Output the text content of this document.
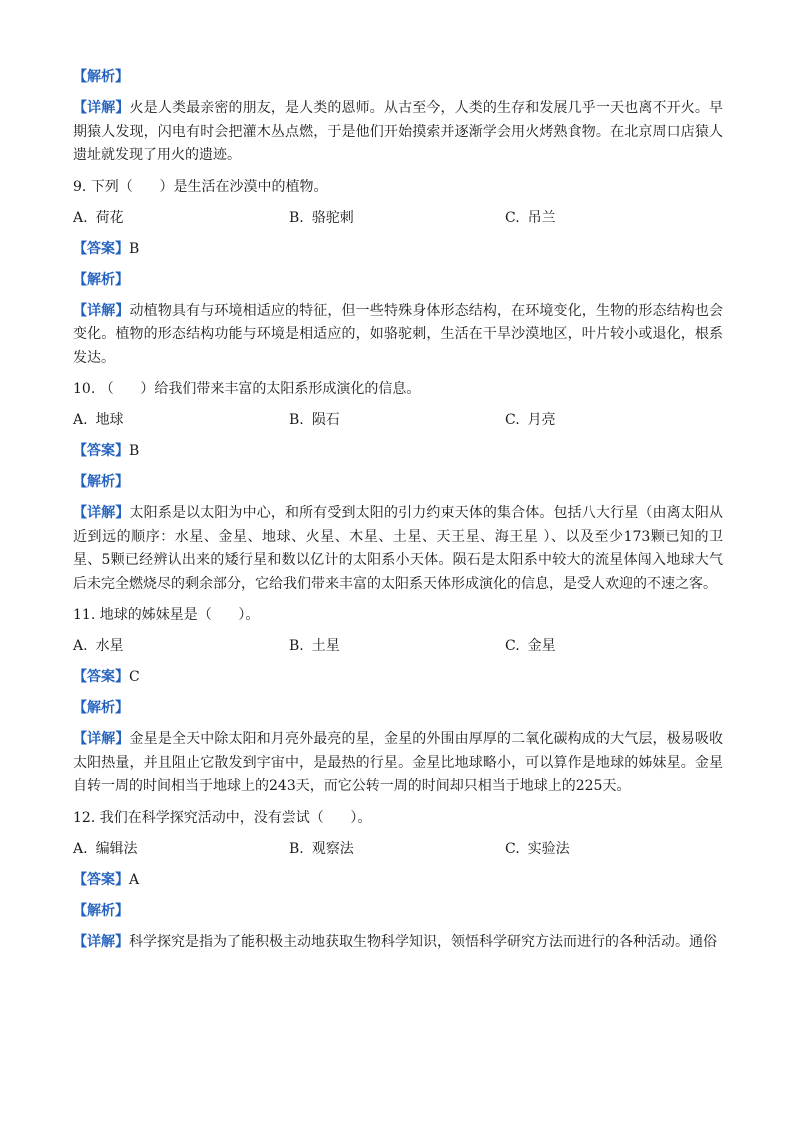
【解析】
【详解】火是人类最亲密的朋友，是人类的恩师。从古至今，人类的生存和发展几乎一天也离不开火。早期猿人发现，闪电有时会把灌木丛点燃，于是他们开始摸索并逐渐学会用火烤熟食物。在北京周口店猿人遗址就发现了用火的遗迹。
9. 下列（      ）是生活在沙漠中的植物。
A. 荷花	B. 骆驼刺	C. 吊兰
【答案】B
【解析】
【详解】动植物具有与环境相适应的特征，但一些特殊身体形态结构，在环境变化，生物的形态结构也会变化。植物的形态结构功能与环境是相适应的，如骆驼刺，生活在干旱沙漠地区，叶片较小或退化，根系发达。
10. （      ）给我们带来丰富的太阳系形成演化的信息。
A. 地球	B. 陨石	C. 月亮
【答案】B
【解析】
【详解】太阳系是以太阳为中心，和所有受到太阳的引力约束天体的集合体。包括八大行星（由离太阳从近到远的顺序：水星、金星、地球、火星、木星、土星、天王星、海王星 ）、以及至少173颗已知的卫星、5颗已经辨认出来的矮行星和数以亿计的太阳系小天体。陨石是太阳系中较大的流星体闯入地球大气后未完全燃烧尽的剩余部分，它给我们带来丰富的太阳系天体形成演化的信息，是受人欢迎的不速之客。
11. 地球的姊妹星是（      ）。
A. 水星	B. 土星	C. 金星
【答案】C
【解析】
【详解】金星是全天中除太阳和月亮外最亮的星，金星的外围由厚厚的二氧化碳构成的大气层，极易吸收太阳热量，并且阻止它散发到宇宙中，是最热的行星。金星比地球略小，可以算作是地球的姊妹星。金星自转一周的时间相当于地球上的243天，而它公转一周的时间却只相当于地球上的225天。
12. 我们在科学探究活动中，没有尝试（      ）。
A. 编辑法	B. 观察法	C. 实验法
【答案】A
【解析】
【详解】科学探究是指为了能积极主动地获取生物科学知识，领悟科学研究方法而进行的各种活动。通俗
